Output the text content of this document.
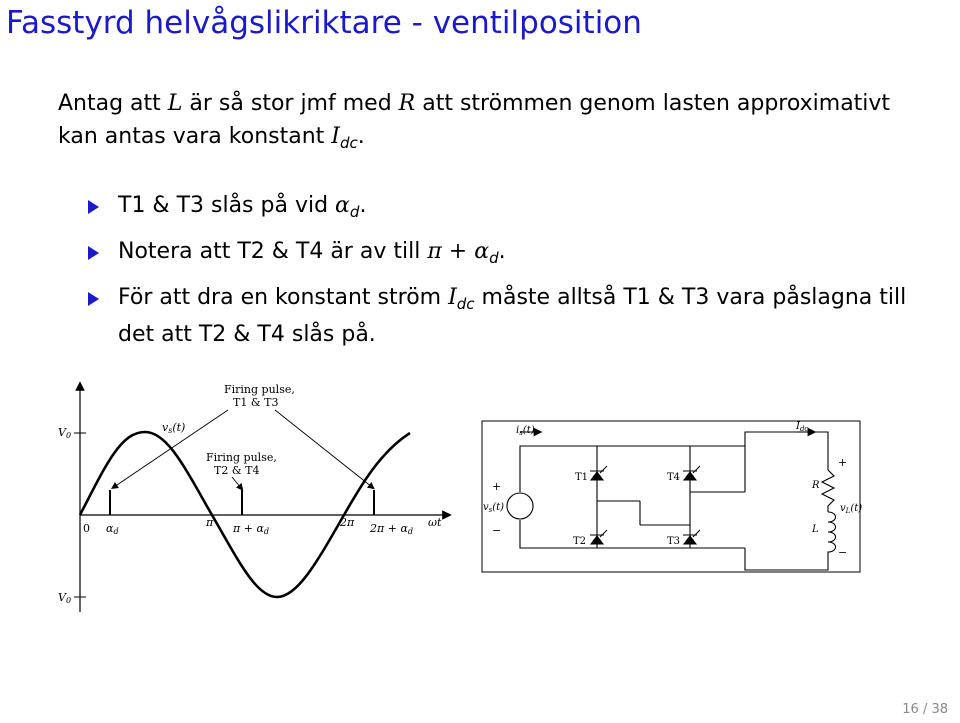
Fasstyrd helvågslikriktare - ventilposition
Antag att L är så stor jmf med R att strömmen genom lasten approximativt kan antas vara konstant $I_{dc}$.
T1 & T3 slås på vid $\alpha_d$.
Notera att T2 & T4 är av till $\pi + \alpha_d$.
För att dra en konstant ström $I_{dc}$ måste alltså T1 & T3 vara påslagna till det att T2 & T4 slås på.
V0
V0
vs(t)
Firing pulse,
T1 & T3
Firing pulse,
T2 & T4
0 αd
π π + αd
2π 2π + αd
ωt
$i_s(t)$	$I_{dc}$
$v_s(t)$
+
−
T1
T2
T4
T3
R
L
+
−
$v_L(t)$
16 / 38
